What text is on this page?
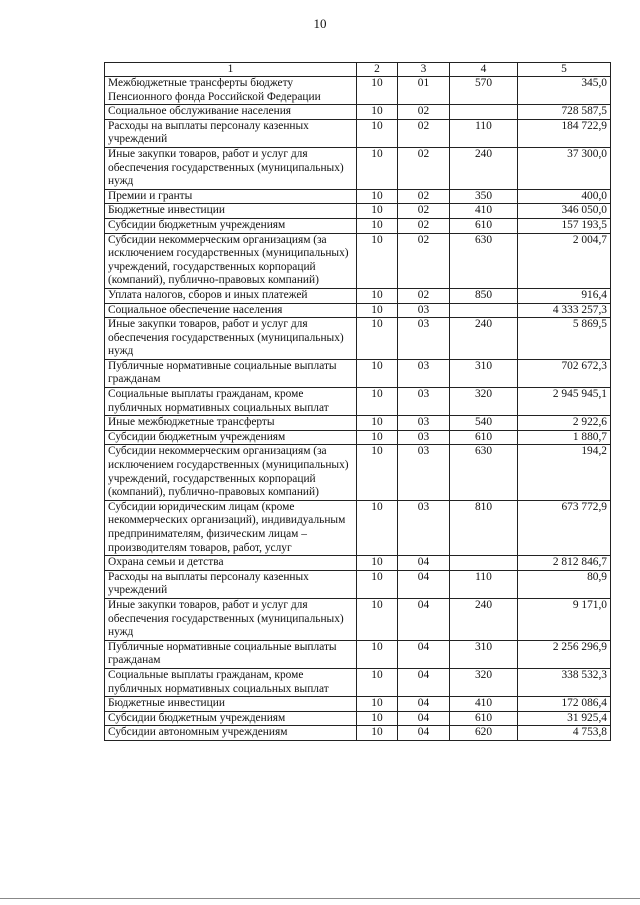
10
1	2	3	4	5
Межбюджетные трансферты бюджету Пенсионного фонда Российской Федерации	10	01	570	345,0
Социальное обслуживание населения	10	02		728 587,5
Расходы на выплаты персоналу казенных учреждений	10	02	110	184 722,9
Иные закупки товаров, работ и услуг для обеспечения государственных (муниципальных) нужд	10	02	240	37 300,0
Премии и гранты	10	02	350	400,0
Бюджетные инвестиции	10	02	410	346 050,0
Субсидии бюджетным учреждениям	10	02	610	157 193,5
Субсидии некоммерческим организациям (за исключением государственных (муниципальных) учреждений, государственных корпораций (компаний), публично-правовых компаний)	10	02	630	2 004,7
Уплата налогов, сборов и иных платежей	10	02	850	916,4
Социальное обеспечение населения	10	03		4 333 257,3
Иные закупки товаров, работ и услуг для обеспечения государственных (муниципальных) нужд	10	03	240	5 869,5
Публичные нормативные социальные выплаты гражданам	10	03	310	702 672,3
Социальные выплаты гражданам, кроме публичных нормативных социальных выплат	10	03	320	2 945 945,1
Иные межбюджетные трансферты	10	03	540	2 922,6
Субсидии бюджетным учреждениям	10	03	610	1 880,7
Субсидии некоммерческим организациям (за исключением государственных (муниципальных) учреждений, государственных корпораций (компаний), публично-правовых компаний)	10	03	630	194,2
Субсидии юридическим лицам (кроме некоммерческих организаций), индивидуальным предпринимателям, физическим лицам – производителям товаров, работ, услуг	10	03	810	673 772,9
Охрана семьи и детства	10	04		2 812 846,7
Расходы на выплаты персоналу казенных учреждений	10	04	110	80,9
Иные закупки товаров, работ и услуг для обеспечения государственных (муниципальных) нужд	10	04	240	9 171,0
Публичные нормативные социальные выплаты гражданам	10	04	310	2 256 296,9
Социальные выплаты гражданам, кроме публичных нормативных социальных выплат	10	04	320	338 532,3
Бюджетные инвестиции	10	04	410	172 086,4
Субсидии бюджетным учреждениям	10	04	610	31 925,4
Субсидии автономным учреждениям	10	04	620	4 753,8
